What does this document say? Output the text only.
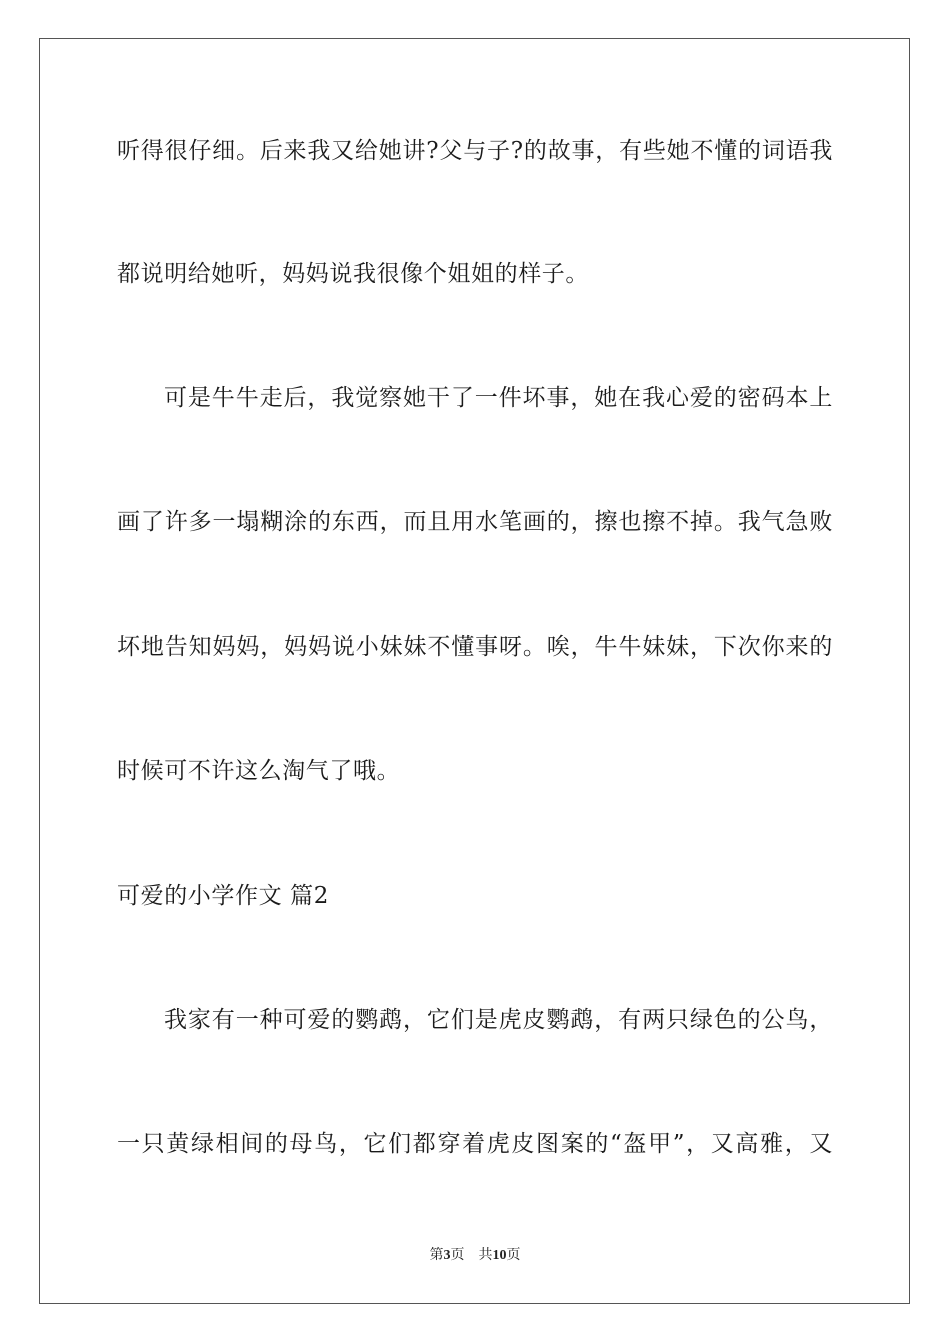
听得很仔细。后来我又给她讲?父与子?的故事，有些她不懂的词语我
都说明给她听，妈妈说我很像个姐姐的样子。
可是牛牛走后，我觉察她干了一件坏事，她在我心爱的密码本上
画了许多一塌糊涂的东西，而且用水笔画的，擦也擦不掉。我气急败
坏地告知妈妈，妈妈说小妹妹不懂事呀。唉，牛牛妹妹，下次你来的
时候可不许这么淘气了哦。
可爱的小学作文 篇2
我家有一种可爱的鹦鹉，它们是虎皮鹦鹉，有两只绿色的公鸟，
一只黄绿相间的母鸟，它们都穿着虎皮图案的“盔甲”，又高雅，又
第3页 共10页
